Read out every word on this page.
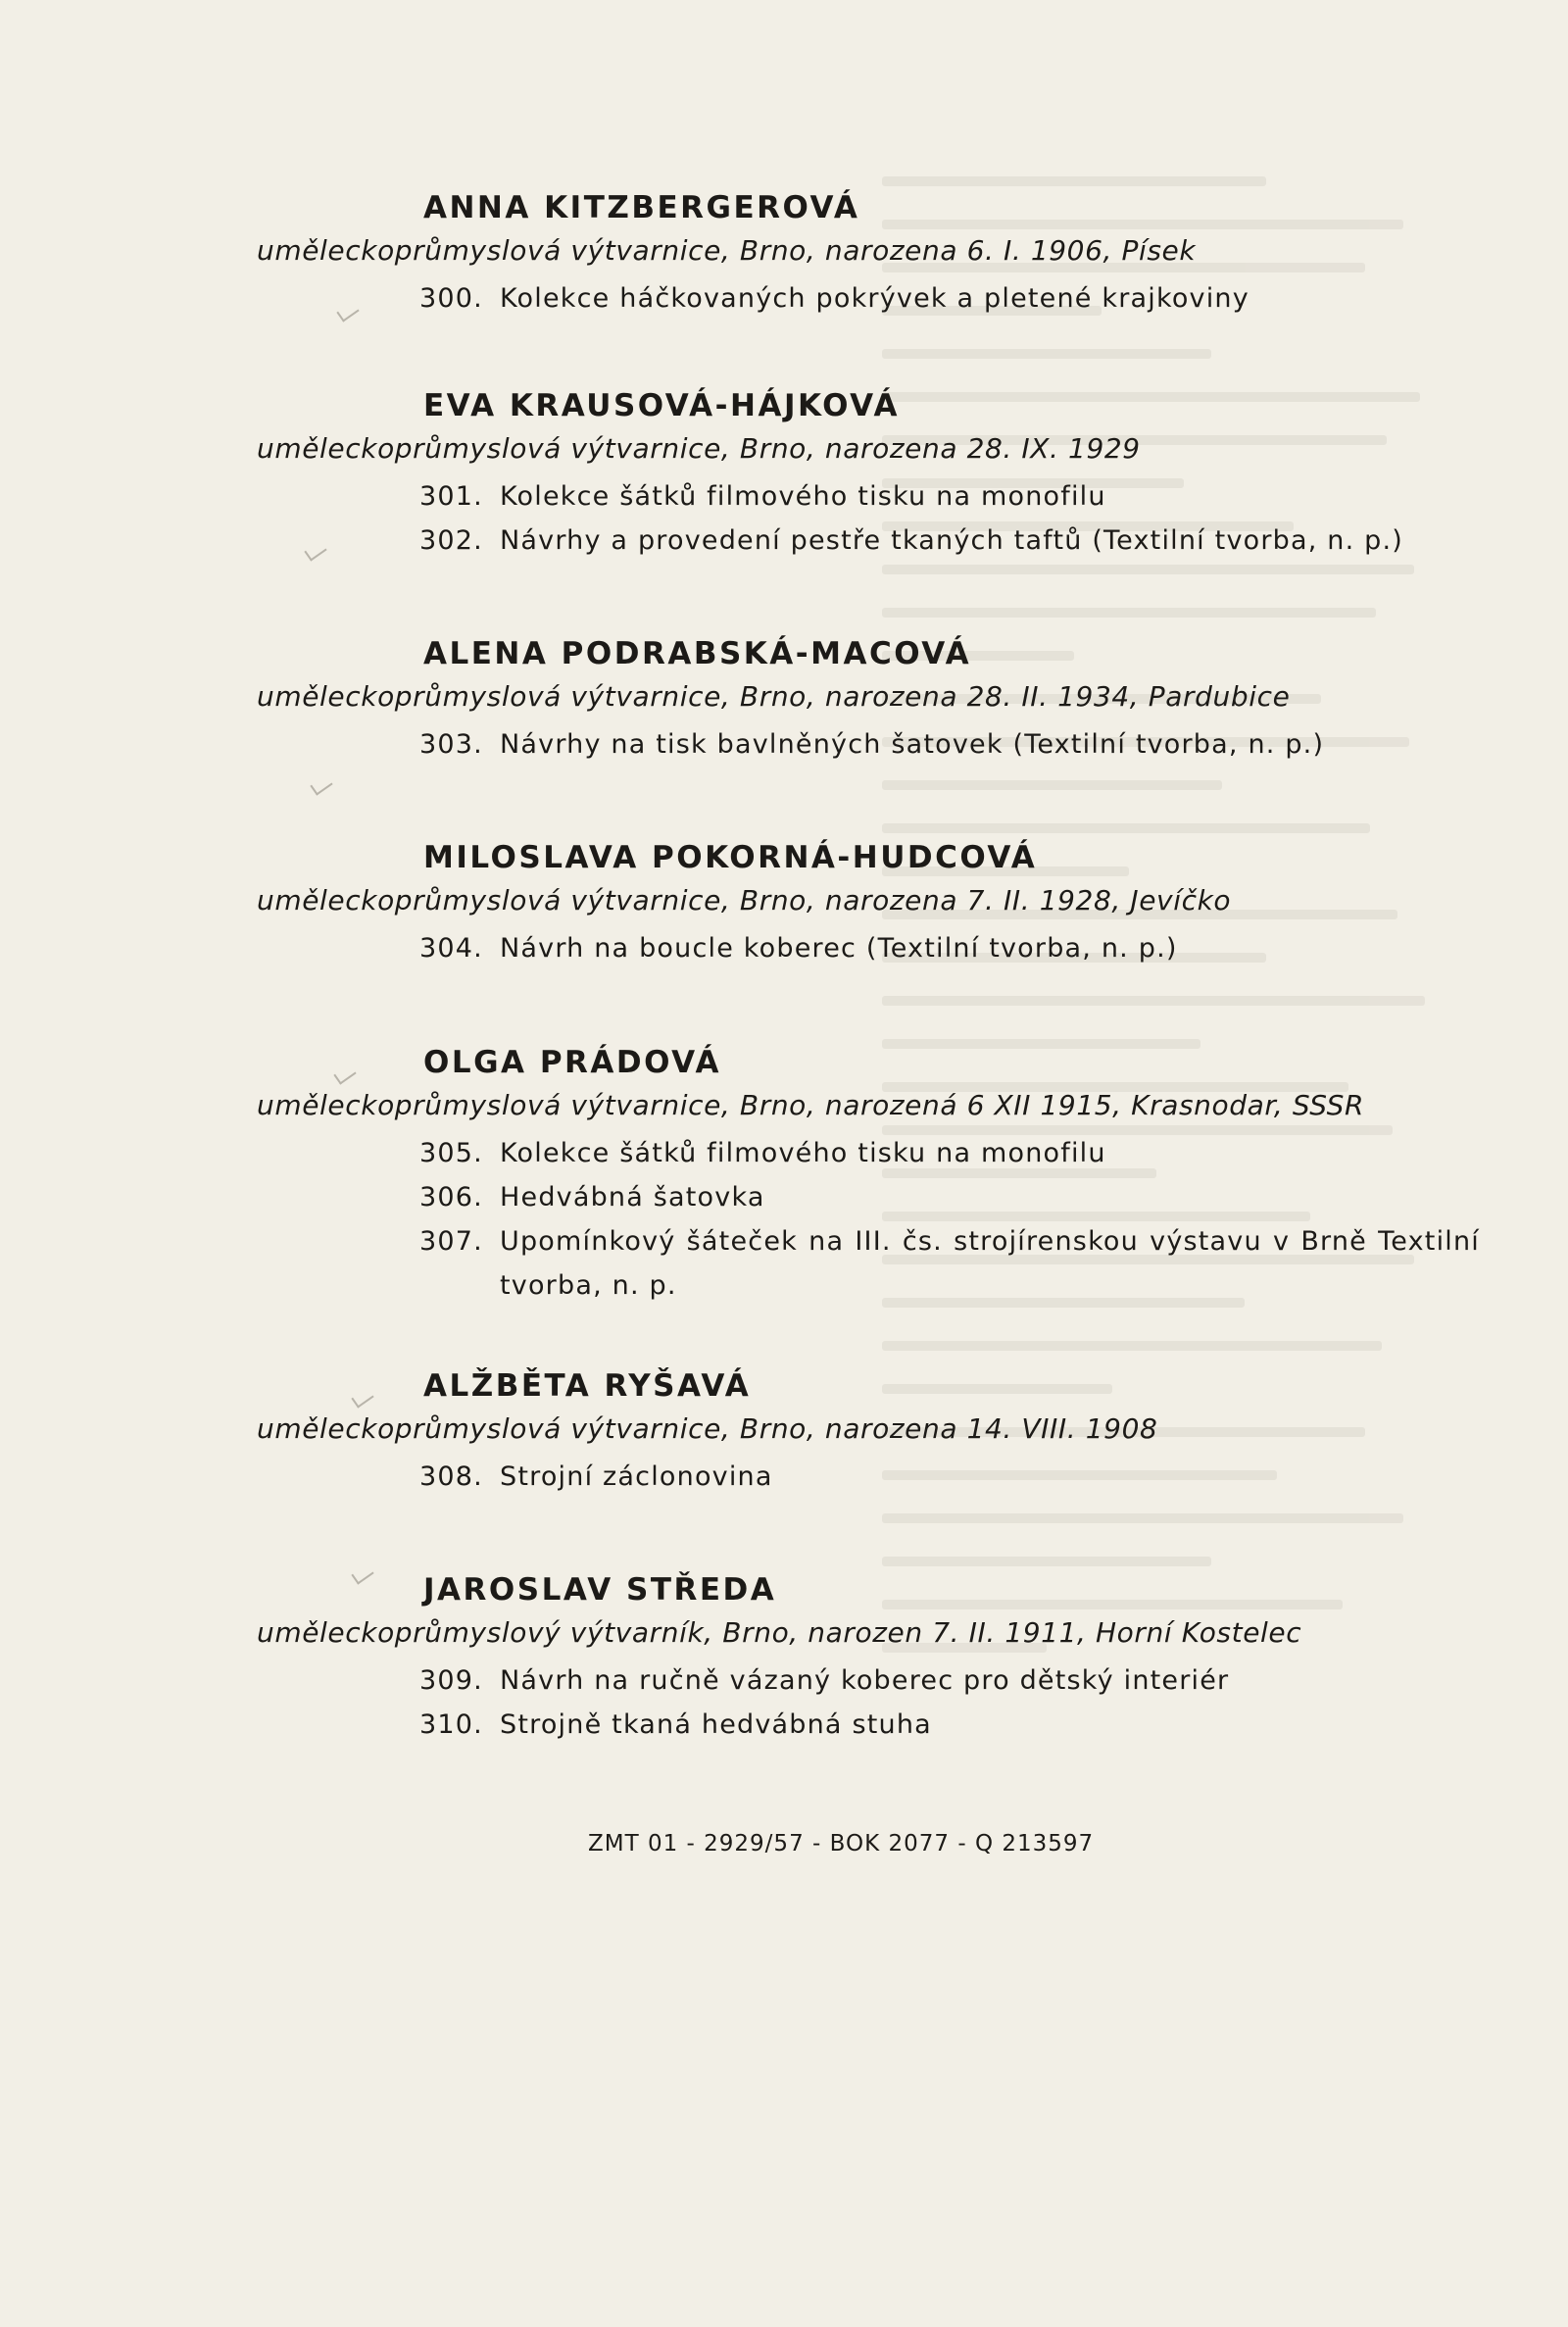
ANNA KITZBERGEROVÁ
uměleckoprůmyslová výtvarnice, Brno, narozena 6. I. 1906, Písek
300. Kolekce háčkovaných pokrývek a pletené krajkoviny
EVA KRAUSOVÁ-HÁJKOVÁ
uměleckoprůmyslová výtvarnice, Brno, narozena 28. IX. 1929
301. Kolekce šátků filmového tisku na monofilu
302. Návrhy a provedení pestře tkaných taftů (Textilní tvorba, n. p.)
ALENA PODRABSKÁ-MACOVÁ
uměleckoprůmyslová výtvarnice, Brno, narozena 28. II. 1934, Pardubice
303. Návrhy na tisk bavlněných šatovek (Textilní tvorba, n. p.)
MILOSLAVA POKORNÁ-HUDCOVÁ
uměleckoprůmyslová výtvarnice, Brno, narozena 7. II. 1928, Jevíčko
304. Návrh na boucle koberec (Textilní tvorba, n. p.)
OLGA PRÁDOVÁ
uměleckoprůmyslová výtvarnice, Brno, narozená 6 XII 1915, Krasnodar, SSSR
305. Kolekce šátků filmového tisku na monofilu
306. Hedvábná šatovka
307. Upomínkový šáteček na III. čs. strojírenskou výstavu v Brně Textilní tvorba, n. p.
ALŽBĚTA RYŠAVÁ
uměleckoprůmyslová výtvarnice, Brno, narozena 14. VIII. 1908
308. Strojní záclonovina
JAROSLAV STŘEDA
uměleckoprůmyslový výtvarník, Brno, narozen 7. II. 1911, Horní Kostelec
309. Návrh na ručně vázaný koberec pro dětský interiér
310. Strojně tkaná hedvábná stuha
ZMT 01 - 2929/57 - BOK 2077 - Q 213597
